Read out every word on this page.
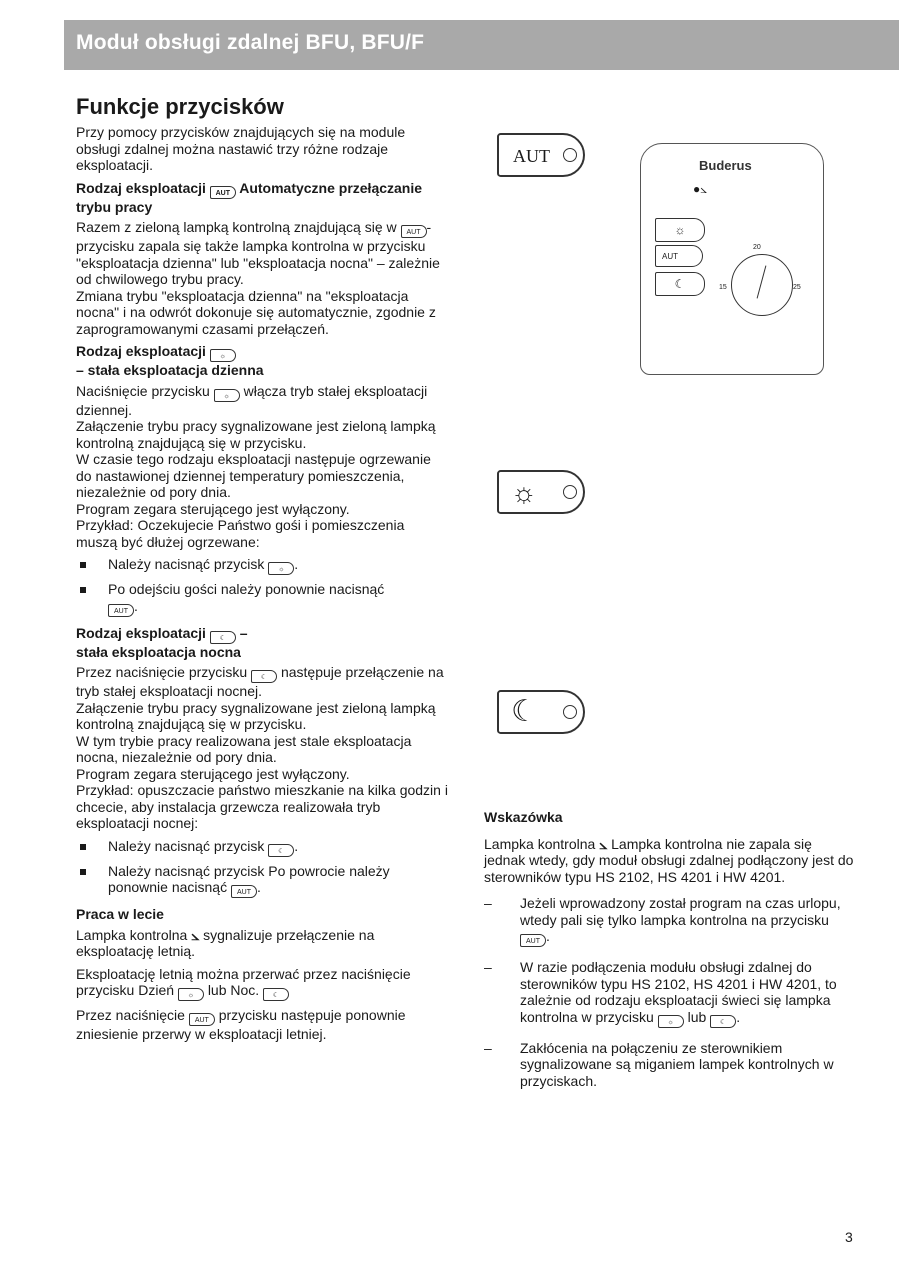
Moduł obsługi zdalnej BFU, BFU/F
Funkcje przycisków

Przy pomocy przycisków znajdujących się na module obsługi zdalnej można nastawić trzy różne rodzaje eksploatacji.

Rodzaj eksploatacji AUT Automatyczne przełączanie trybu pracy

Razem z zieloną lampką kontrolną znajdującą się w AUT -przycisku zapala się także lampka kontrolna w przycisku "eksploatacja dzienna" lub "eksploatacja nocna" – zależnie od chwilowego trybu pracy.

Zmiana trybu "eksploatacja dzienna" na "eksploatacja nocna" i na odwrót dokonuje się automatycznie, zgodnie z zaprogramowanymi czasami przełączeń.

Rodzaj eksploatacji ☼
– stała eksploatacja dzienna

Naciśnięcie przycisku ☼ włącza tryb stałej eksploatacji dziennej.

Załączenie trybu pracy sygnalizowane jest zieloną lampką kontrolną znajdującą się w przycisku.

W czasie tego rodzaju eksploatacji następuje ogrzewanie do nastawionej dziennej temperatury pomieszczenia, niezależnie od pory dnia.

Program zegara sterującego jest wyłączony.

Przykład: Oczekujecie Państwo gośi i pomieszczenia muszą być dłużej ogrzewane:

Należy nacisnąć przycisk ☼ .
Po odejściu gości należy ponownie nacisnąć
AUT .

Rodzaj eksploatacji ☾ –
stała eksploatacja nocna

Przez naciśnięcie przycisku ☾ następuje przełączenie na tryb stałej eksploatacji nocnej.

Załączenie trybu pracy sygnalizowane jest zieloną lampką kontrolną znajdującą się w przycisku.

W tym trybie pracy realizowana jest stale eksploatacja nocna, niezależnie od pory dnia.

Program zegara sterującego jest wyłączony.

Przykład: opuszczacie państwo mieszkanie na kilka godzin i chcecie, aby instalacja grzewcza realizowała tryb eksploatacji nocnej:

Należy nacisnąć przycisk ☾ .
Należy nacisnąć przycisk Po powrocie należy ponownie nacisnąć AUT .

Praca w lecie

Lampka kontrolna ⦣ sygnalizuje przełączenie na eksploatację letnią.

Eksploatację letnią można przerwać przez naciśnięcie przycisku Dzień ☼ lub Noc. ☾

Przez naciśnięcie AUT przycisku następuje ponownie zniesienie przerwy w eksploatacji letniej.

AUT	Buderus
●⦣
☼
AUT
☾	15
20
25
☼
☾

Wskazówka

Lampka kontrolna ⦣ Lampka kontrolna nie zapala się jednak wtedy, gdy moduł obsługi zdalnej podłączony jest do sterowników typu HS 2102, HS 4201 i HW 4201.

– Jeżeli wprowadzony został program na czas urlopu, wtedy pali się tylko lampka kontrolna na przycisku AUT .
– W razie podłączenia modułu obsługi zdalnej do sterowników typu HS 2102, HS 4201 i HW 4201, to zależnie od rodzaju eksploatacji świeci się lampka kontrolna w przycisku ☼ lub ☾ .
– Zakłócenia na połączeniu ze sterownikiem sygnalizowane są miganiem lampek kontrolnych w przyciskach.
3
